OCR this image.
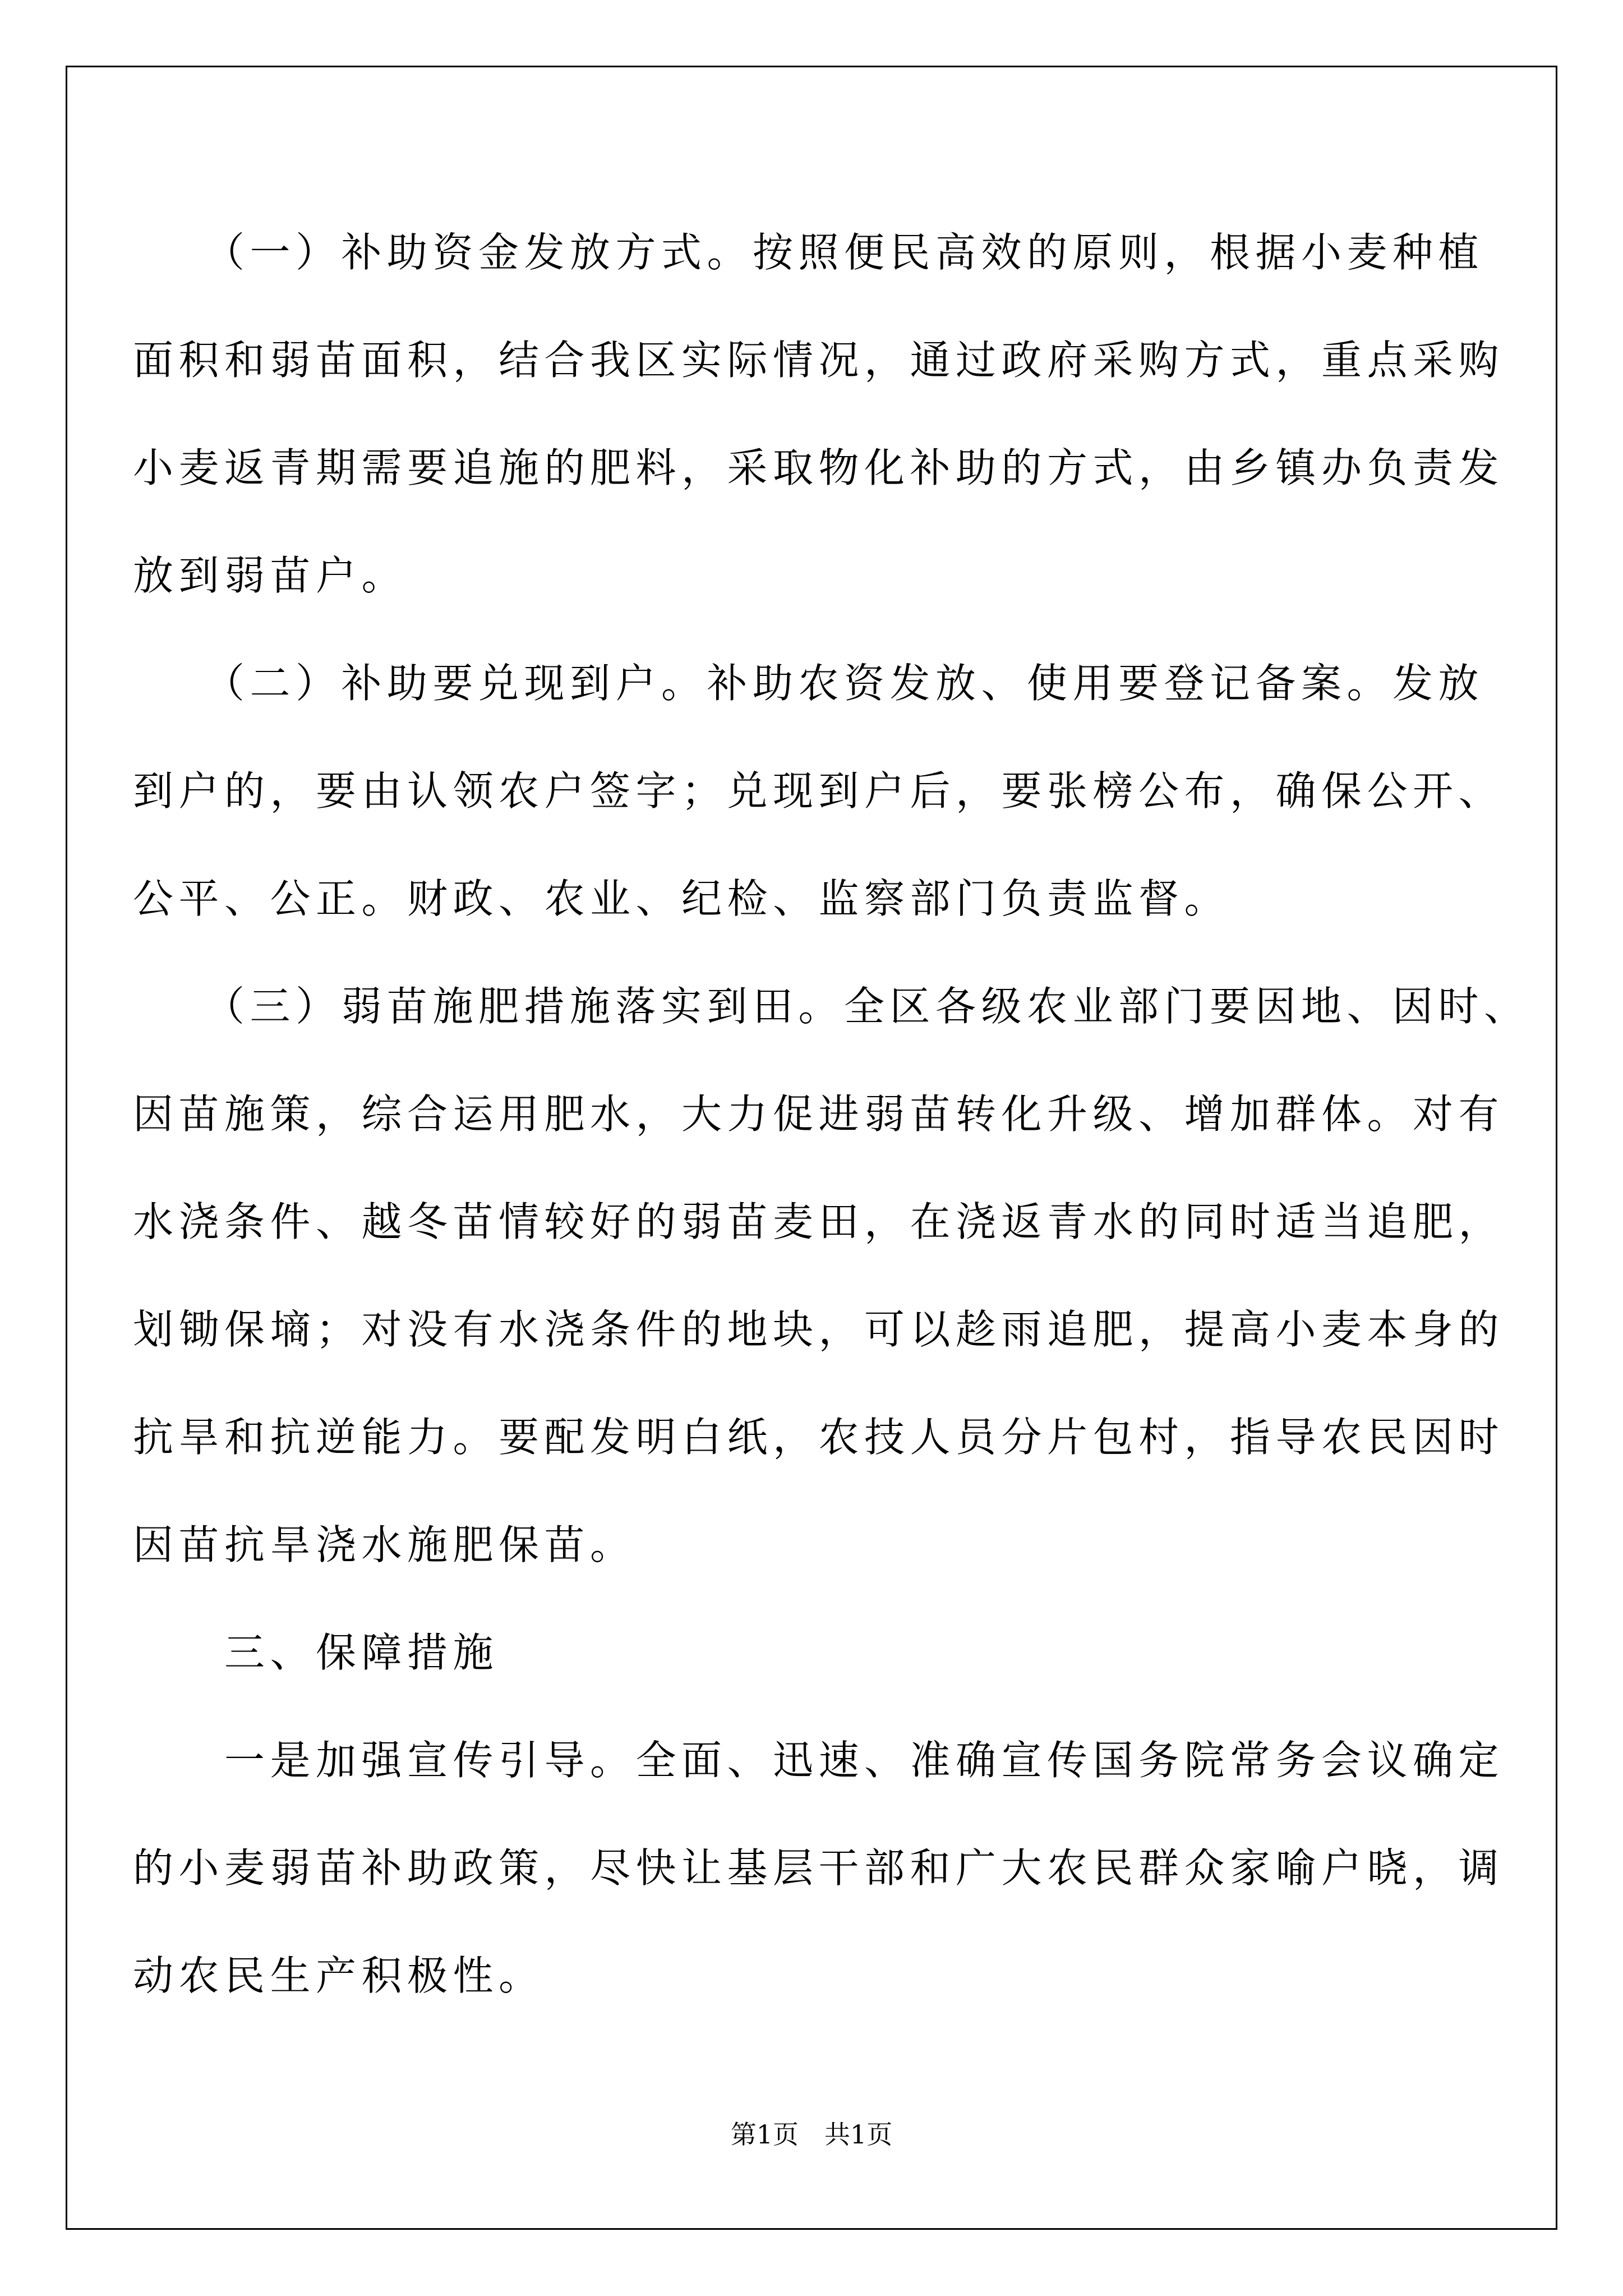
　　（一）补助资金发放方式。按照便民高效的原则，根据小麦种植
面积和弱苗面积，结合我区实际情况，通过政府采购方式，重点采购
小麦返青期需要追施的肥料，采取物化补助的方式，由乡镇办负责发
放到弱苗户。
　　（二）补助要兑现到户。补助农资发放、使用要登记备案。发放
到户的，要由认领农户签字；兑现到户后，要张榜公布，确保公开、
公平、公正。财政、农业、纪检、监察部门负责监督。
　　（三）弱苗施肥措施落实到田。全区各级农业部门要因地、因时、
因苗施策，综合运用肥水，大力促进弱苗转化升级、增加群体。对有
水浇条件、越冬苗情较好的弱苗麦田，在浇返青水的同时适当追肥，
划锄保墒；对没有水浇条件的地块，可以趁雨追肥，提高小麦本身的
抗旱和抗逆能力。要配发明白纸，农技人员分片包村，指导农民因时
因苗抗旱浇水施肥保苗。
　　三、保障措施
　　一是加强宣传引导。全面、迅速、准确宣传国务院常务会议确定
的小麦弱苗补助政策，尽快让基层干部和广大农民群众家喻户晓，调
动农民生产积极性。
第1页　共1页
